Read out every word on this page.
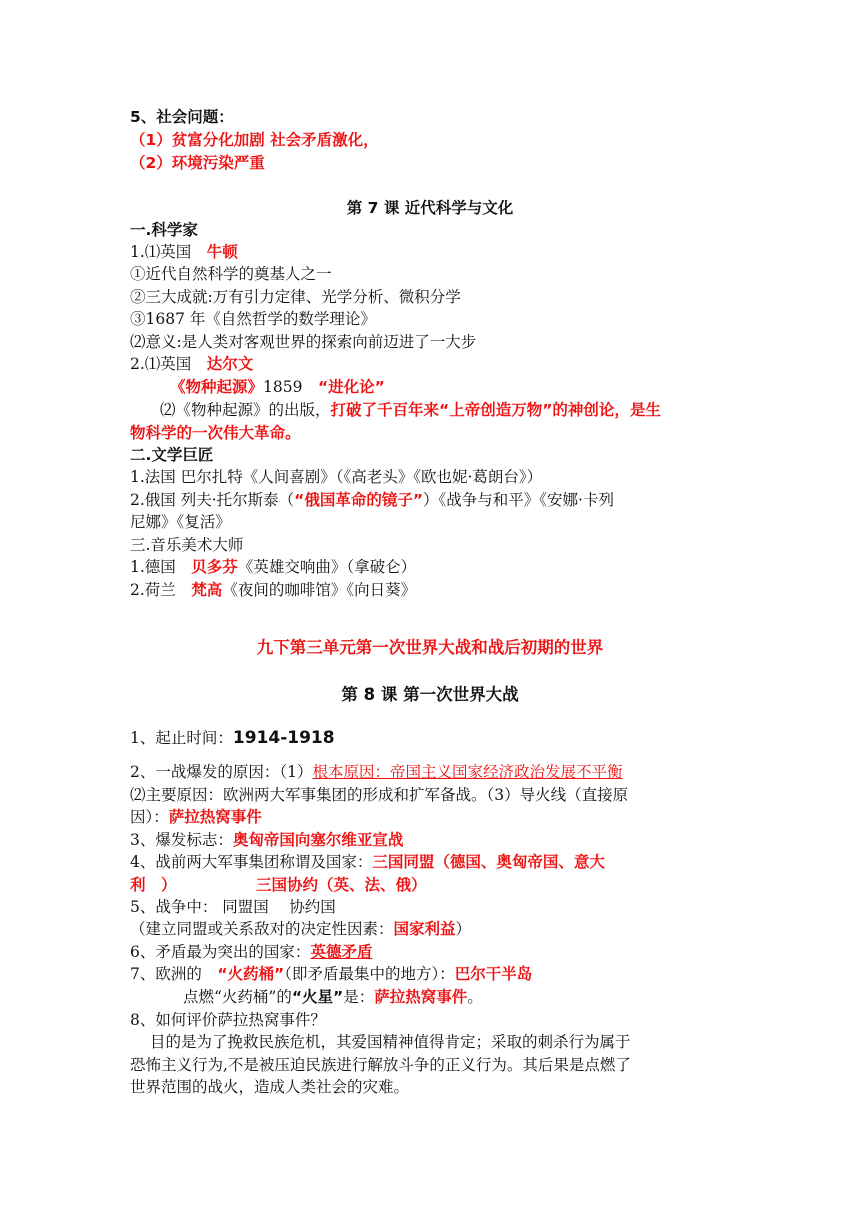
5、社会问题：
（1）贫富分化加剧 社会矛盾激化，
（2）环境污染严重
第 7 课 近代科学与文化
一.科学家
1.⑴英国　牛顿
①近代自然科学的奠基人之一
②三大成就:万有引力定律、光学分析、微积分学
③1687 年《自然哲学的数学理论》
⑵意义:是人类对客观世界的探索向前迈进了一大步
2.⑴英国　达尔文
《物种起源》1859　“进化论”
⑵《物种起源》的出版，打破了千百年来“上帝创造万物”的神创论，是生
物科学的一次伟大革命。
二.文学巨匠
1.法国 巴尔扎特《人间喜剧》（《高老头》《欧也妮·葛朗台》）
2.俄国 列夫·托尔斯泰（“俄国革命的镜子”）《战争与和平》《安娜·卡列
尼娜》《复活》
三.音乐美术大师
1.德国　贝多芬《英雄交响曲》（拿破仑）
2.荷兰　梵高《夜间的咖啡馆》《向日葵》
九下第三单元第一次世界大战和战后初期的世界
第 8 课 第一次世界大战
1、起止时间：1914-1918
2、一战爆发的原因：（1）根本原因：帝国主义国家经济政治发展不平衡
⑵主要原因：欧洲两大军事集团的形成和扩军备战。（3）导火线（直接原
因）：萨拉热窝事件
3、爆发标志：奥匈帝国向塞尔维亚宣战
4、战前两大军事集团称谓及国家：三国同盟（德国、奥匈帝国、意大
利　）	三国协约（英、法、俄）
5、战争中： 同盟国　 协约国
（建立同盟或关系敌对的决定性因素：国家利益）
6、矛盾最为突出的国家：英德矛盾
7、欧洲的　“火药桶”（即矛盾最集中的地方）：巴尔干半岛
点燃“火药桶”的“火星”是：萨拉热窝事件。
8、如何评价萨拉热窝事件？
目的是为了挽救民族危机，其爱国精神值得肯定；采取的刺杀行为属于
恐怖主义行为,不是被压迫民族进行解放斗争的正义行为。其后果是点燃了
世界范围的战火，造成人类社会的灾难。
